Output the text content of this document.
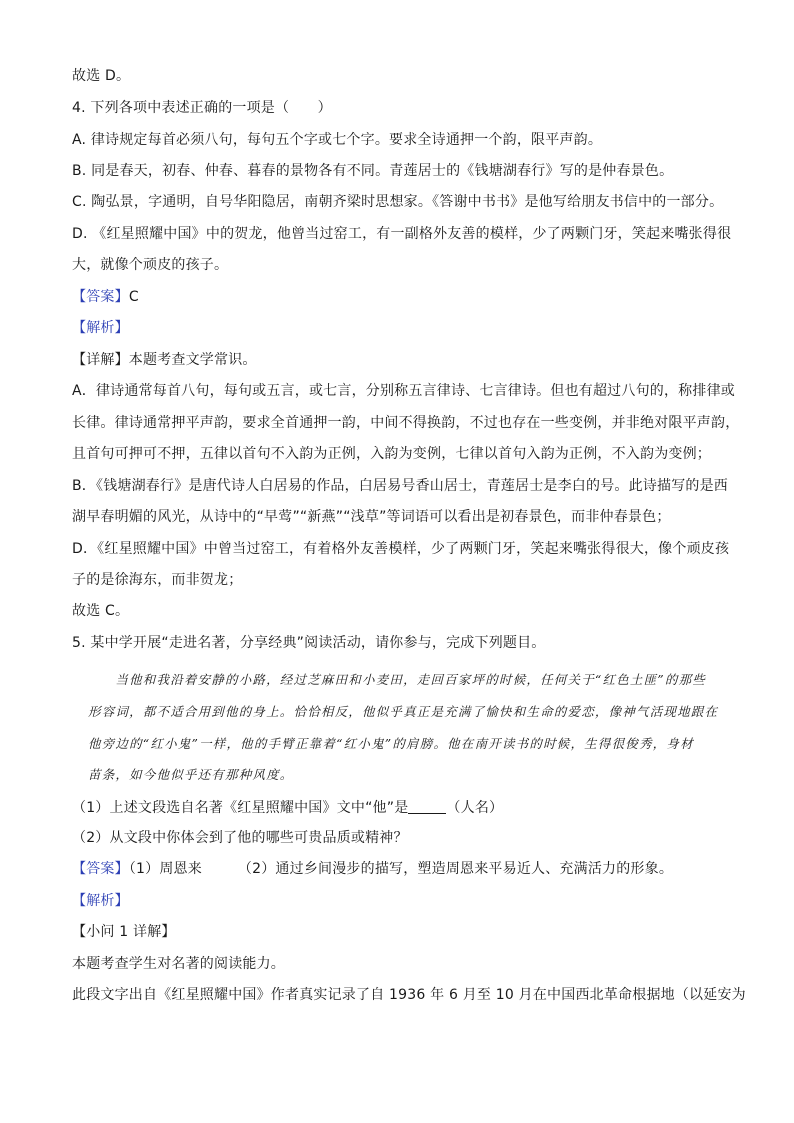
故选 D。
4. 下列各项中表述正确的一项是（　　）
A. 律诗规定每首必须八句，每句五个字或七个字。要求全诗通押一个韵，限平声韵。
B. 同是春天，初春、仲春、暮春的景物各有不同。青莲居士的《钱塘湖春行》写的是仲春景色。
C. 陶弘景，字通明，自号华阳隐居，南朝齐梁时思想家。《答谢中书书》是他写给朋友书信中的一部分。
D. 《红星照耀中国》中的贺龙，他曾当过窑工，有一副格外友善的模样，少了两颗门牙，笑起来嘴张得很
大，就像个顽皮的孩子。
【答案】C
【解析】
【详解】本题考查文学常识。
A．律诗通常每首八句，每句或五言，或七言，分别称五言律诗、七言律诗。但也有超过八句的，称排律或
长律。律诗通常押平声韵，要求全首通押一韵，中间不得换韵，不过也存在一些变例，并非绝对限平声韵，
且首句可押可不押，五律以首句不入韵为正例，入韵为变例，七律以首句入韵为正例，不入韵为变例；
B．《钱塘湖春行》是唐代诗人白居易的作品，白居易号香山居士，青莲居士是李白的号。此诗描写的是西
湖早春明媚的风光，从诗中的“早莺”“新燕”“浅草”等词语可以看出是初春景色，而非仲春景色；
D．《红星照耀中国》中曾当过窑工，有着格外友善模样，少了两颗门牙，笑起来嘴张得很大，像个顽皮孩
子的是徐海东，而非贺龙；
故选 C。
5. 某中学开展“走进名著，分享经典”阅读活动，请你参与，完成下列题目。
　　当他和我沿着安静的小路，经过芝麻田和小麦田，走回百家坪的时候，任何关于“红色土匪”的那些
形容词，都不适合用到他的身上。恰恰相反，他似乎真正是充满了愉快和生命的爱恋，像神气活现地跟在
他旁边的“红小鬼”一样，他的手臂正靠着“红小鬼”的肩膀。他在南开读书的时候，生得很俊秀，身材
苗条，如今他似乎还有那种风度。
（1）上述文段选自名著《红星照耀中国》文中“他”是	（人名）
（2）从文段中你体会到了他的哪些可贵品质或精神？
【答案】（1）周恩来	（2）通过乡间漫步的描写，塑造周恩来平易近人、充满活力的形象。
【解析】
【小问 1 详解】
本题考查学生对名著的阅读能力。
此段文字出自《红星照耀中国》作者真实记录了自 1936 年 6 月至 10 月在中国西北革命根据地（以延安为
